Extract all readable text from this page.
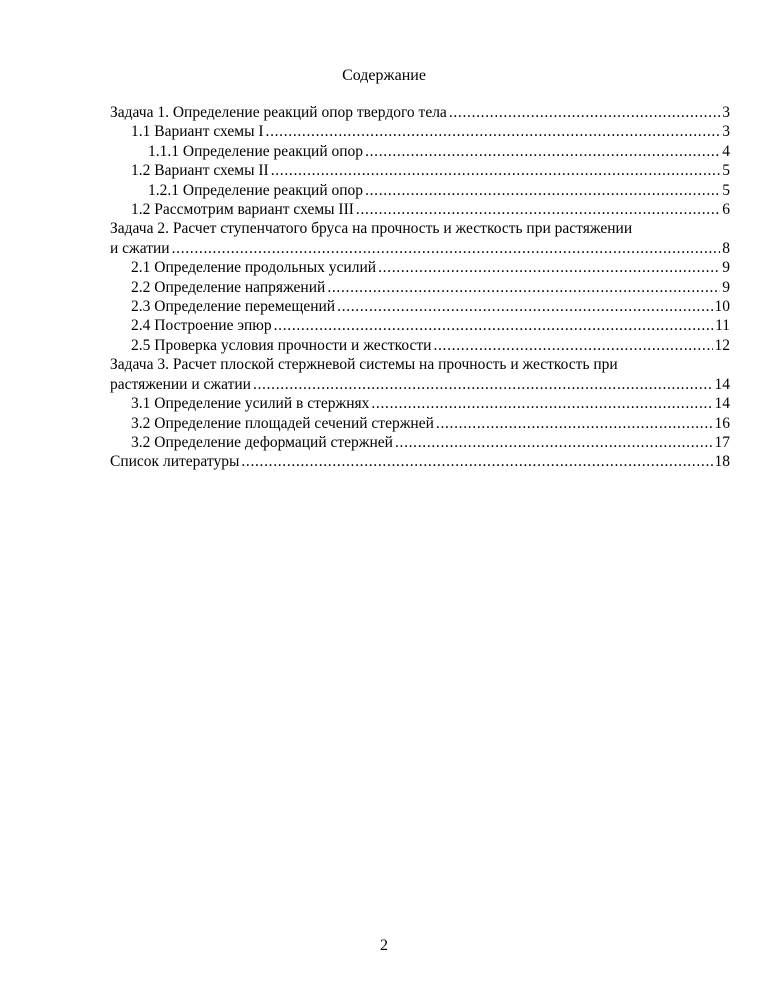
Содержание
Задача 1. Определение реакций опор твердого тела . . .	3
1.1 Вариант схемы I . . .	3
1.1.1 Определение реакций опор . . .	4
1.2 Вариант схемы II . . .	5
1.2.1 Определение реакций опор . . .	5
1.2 Рассмотрим вариант схемы III . . .	6
Задача 2. Расчет ступенчатого бруса на прочность и жесткость при растяжении
и сжатии . . .	8
2.1 Определение продольных усилий . . .	9
2.2 Определение напряжений . . .	9
2.3 Определение перемещений . . .	10
2.4 Построение эпюр . . .	11
2.5 Проверка условия прочности и жесткости . . .	12
Задача 3. Расчет плоской стержневой системы на прочность и жесткость при
растяжении и сжатии . . .	14
3.1 Определение усилий в стержнях . . .	14
3.2 Определение площадей сечений стержней . . .	16
3.2 Определение деформаций стержней . . .	17
Список литературы . . .	18
2
